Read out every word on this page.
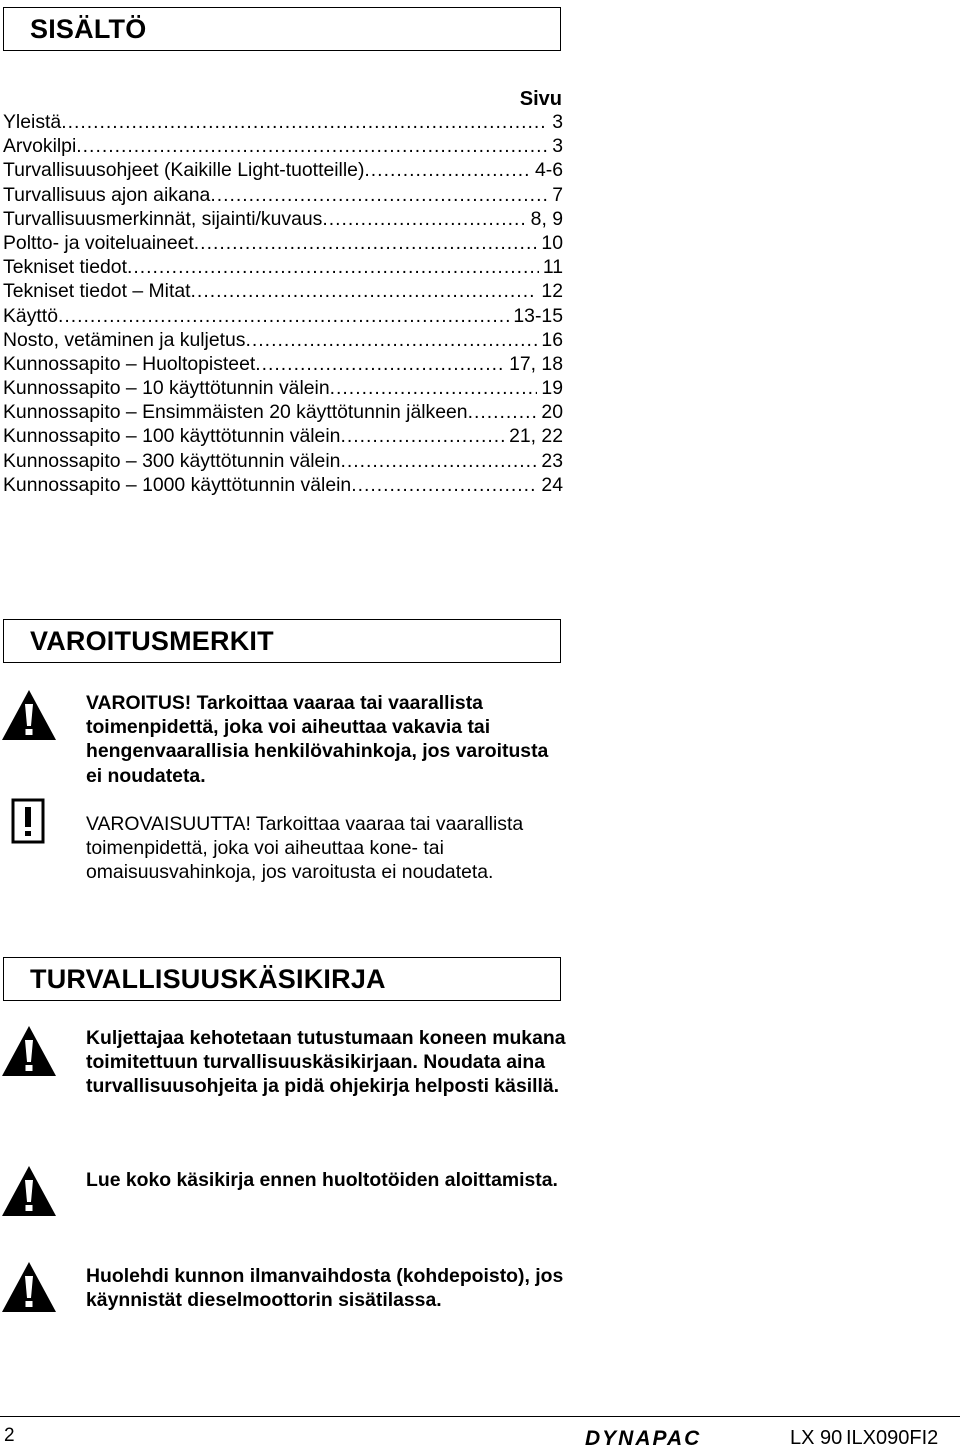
SISÄLTÖ
Sivu
Yleistä .....	3
Arvokilpi .....	3
Turvallisuusohjeet (Kaikille Light-tuotteille) .....	4-6
Turvallisuus ajon aikana .....	7
Turvallisuusmerkinnät, sijainti/kuvaus .....	8, 9
Poltto- ja voiteluaineet .....	10
Tekniset tiedot .....	11
Tekniset tiedot – Mitat .....	12
Käyttö .....	13-15
Nosto, vetäminen ja kuljetus .....	16
Kunnossapito – Huoltopisteet .....	17, 18
Kunnossapito – 10 käyttötunnin välein .....	19
Kunnossapito – Ensimmäisten 20 käyttötunnin jälkeen .....	20
Kunnossapito – 100 käyttötunnin välein .....	21, 22
Kunnossapito – 300 käyttötunnin välein .....	23
Kunnossapito – 1000 käyttötunnin välein .....	24
VAROITUSMERKIT
VAROITUS! Tarkoittaa vaaraa tai vaarallista toimenpidettä, joka voi aiheuttaa vakavia tai hengenvaarallisia henkilövahinkoja, jos varoitusta ei noudateta.
VAROVAISUUTTA! Tarkoittaa vaaraa tai vaarallista toimenpidettä, joka voi aiheuttaa kone- tai omaisuusvahinkoja, jos varoitusta ei noudateta.
TURVALLISUUSKÄSIKIRJA
Kuljettajaa kehotetaan tutustumaan koneen mukana toimitettuun turvallisuuskäsikirjaan. Noudata aina turvallisuusohjeita ja pidä ohjekirja helposti käsillä.
Lue koko käsikirja ennen huoltotöiden aloittamista.
Huolehdi kunnon ilmanvaihdosta (kohdepoisto), jos käynnistät dieselmoottorin sisätilassa.
2	DYNAPAC	LX 90 ILX090FI2
